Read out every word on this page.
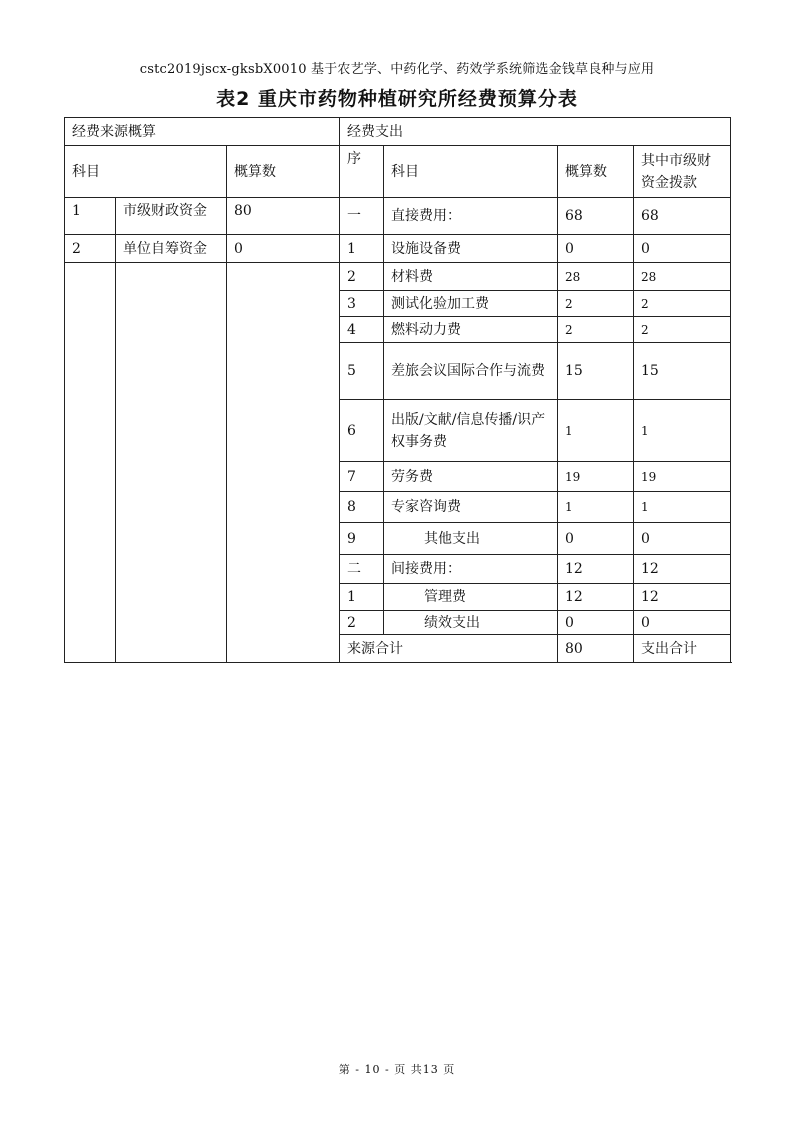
cstc2019jscx-gksbX0010 基于农艺学、中药化学、药效学系统筛选金钱草良种与应用
表2 重庆市药物种植研究所经费预算分表
经费来源概算			经费支出				
科目		概算数	序	科目	概算数	其中市级财资金拨款	
1	市级财政资金	80	一	直接费用：	68	68	
2	单位自筹资金	0	1	设施设备费	0	0	
			2	材料费	28	28	
			3	测试化验加工费	2	2	
			4	燃料动力费	2	2	
			5	差旅会议国际合作与流费	15	15	
			6	出版/文献/信息传播/识产权事务费	1	1	
			7	劳务费	19	19	
			8	专家咨询费	1	1	
			9	其他支出	0	0	
			二	间接费用：	12	12	
			1	管理费	12	12	
			2	绩效支出	0	0	
			来源合计		80	支出合计		
第 - 10 - 页 共13 页
